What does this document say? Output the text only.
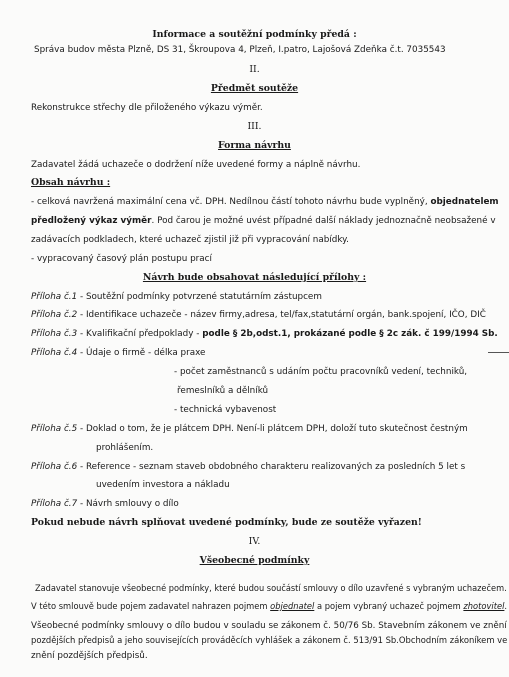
Informace a soutěžní podmínky předá :
Správa budov města Plzně, DS 31, Škroupova 4, Plzeň, I.patro, Lajošová Zdeňka č.t. 7035543
II.
Předmět soutěže
Rekonstrukce střechy dle přiloženého výkazu výměr.
III.
Forma návrhu
Zadavatel žádá uchazeče o dodržení níže uvedené formy a náplně návrhu.
Obsah návrhu :
- celková navržená maximální cena vč. DPH. Nedílnou částí tohoto návrhu bude vyplněný, objednatelem
předložený výkaz výměr. Pod čarou je možné uvést případné další náklady jednoznačně neobsažené v
zadávacích podkladech, které uchazeč zjistil již při vypracování nabídky.
- vypracovaný časový plán postupu prací
Návrh bude obsahovat následující přílohy :
Příloha č.1 - Soutěžní podmínky potvrzené statutárním zástupcem
Příloha č.2 - Identifikace uchazeče - název firmy,adresa, tel/fax,statutární orgán, bank.spojení, IČO, DIČ
Příloha č.3 - Kvalifikační předpoklady - podle § 2b,odst.1, prokázané podle § 2c zák. č 199/1994 Sb.
Příloha č.4 - Údaje o firmě - délka praxe
- počet zaměstnanců s udáním počtu pracovníků vedení, techniků,
řemeslníků a dělníků
- technická vybavenost
Příloha č.5 - Doklad o tom, že je plátcem DPH. Není-li plátcem DPH, doloží tuto skutečnost čestným
prohlášením.
Příloha č.6 - Reference - seznam staveb obdobného charakteru realizovaných za posledních 5 let s
uvedením investora a nákladu
Příloha č.7 - Návrh smlouvy o dílo
Pokud nebude návrh splňovat uvedené podmínky, bude ze soutěže vyřazen!
IV.
Všeobecné podmínky
Zadavatel stanovuje všeobecné podmínky, které budou součástí smlouvy o dílo uzavřené s vybraným uchazečem.
V této smlouvě bude pojem zadavatel nahrazen pojmem objednatel a pojem vybraný uchazeč pojmem zhotovitel.
Všeobecné podmínky smlouvy o dílo budou v souladu se zákonem č. 50/76 Sb. Stavebním zákonem ve znění
pozdějších předpisů a jeho souvisejících prováděcích vyhlášek a zákonem č. 513/91 Sb.Obchodním zákoníkem ve
znění pozdějších předpisů.
